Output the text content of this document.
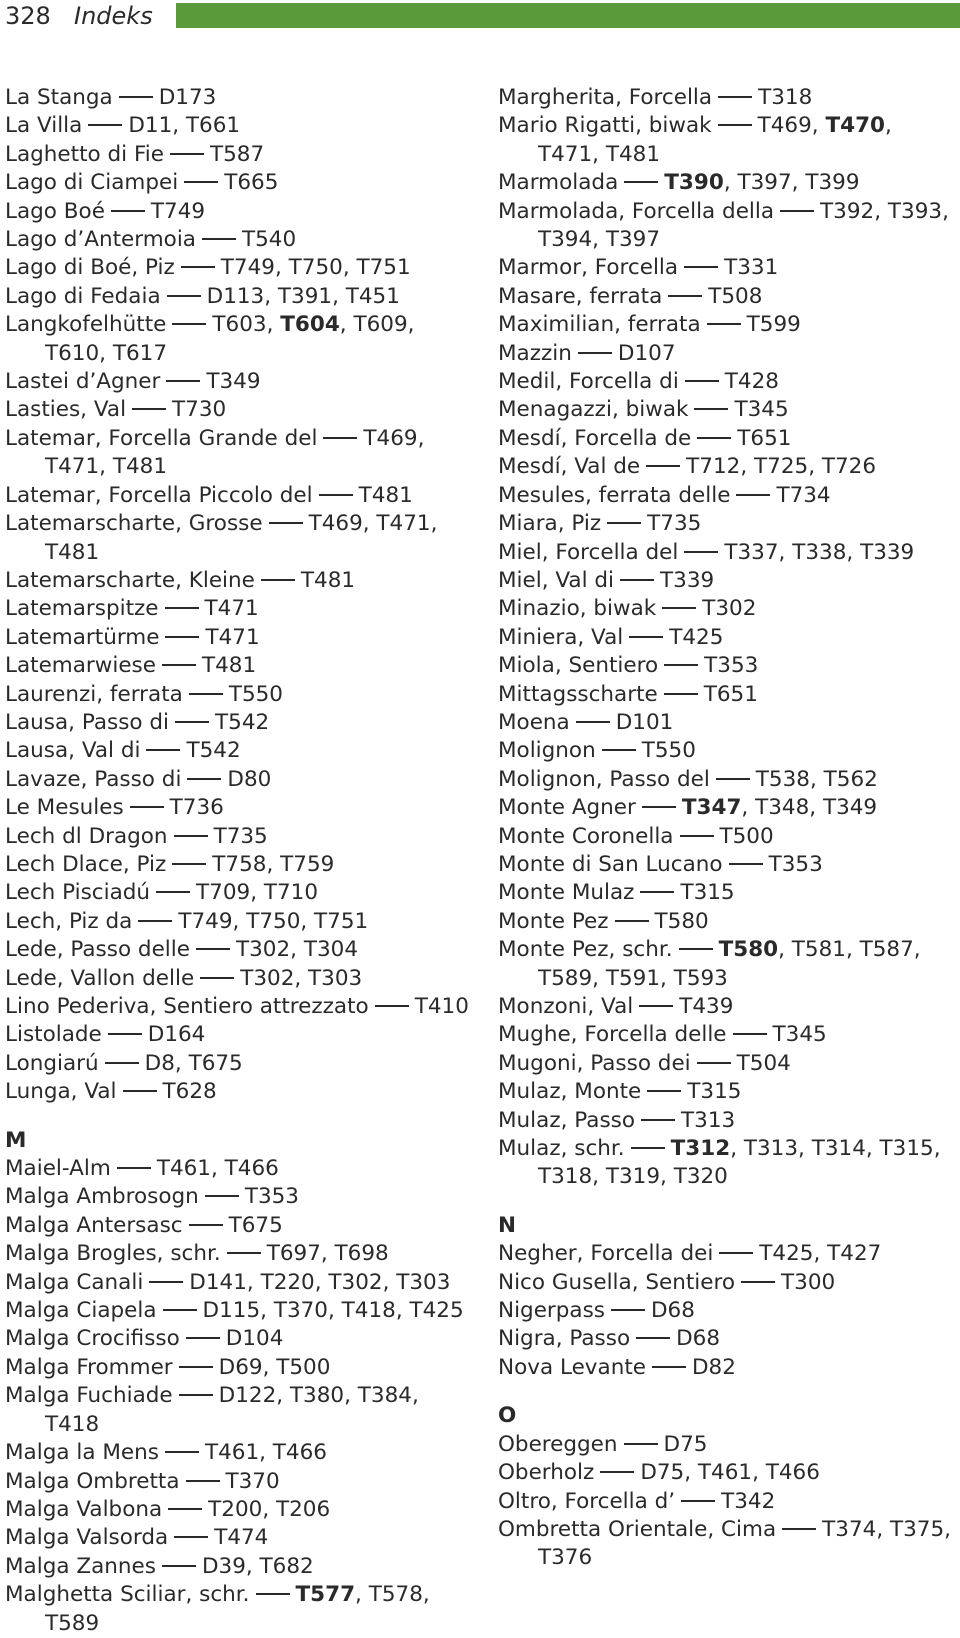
328 Indeks
La Stanga D173
La Villa D11, T661
Laghetto di Fie T587
Lago di Ciampei T665
Lago Boé T749
Lago d’Antermoia T540
Lago di Boé, Piz T749, T750, T751
Lago di Fedaia D113, T391, T451
Langkofelhütte T603, T604, T609, T610, T617
Lastei d’Agner T349
Lasties, Val T730
Latemar, Forcella Grande del T469, T471, T481
Latemar, Forcella Piccolo del T481
Latemarscharte, Grosse T469, T471, T481
Latemarscharte, Kleine T481
Latemarspitze T471
Latemartürme T471
Latemarwiese T481
Laurenzi, ferrata T550
Lausa, Passo di T542
Lausa, Val di T542
Lavaze, Passo di D80
Le Mesules T736
Lech dl Dragon T735
Lech Dlace, Piz T758, T759
Lech Pisciadú T709, T710
Lech, Piz da T749, T750, T751
Lede, Passo delle T302, T304
Lede, Vallon delle T302, T303
Lino Pederiva, Sentiero attrezzato T410
Listolade D164
Longiarú D8, T675
Lunga, Val T628
M
Maiel-Alm T461, T466
Malga Ambrosogn T353
Malga Antersasc T675
Malga Brogles, schr. T697, T698
Malga Canali D141, T220, T302, T303
Malga Ciapela D115, T370, T418, T425
Malga Crocifisso D104
Malga Frommer D69, T500
Malga Fuchiade D122, T380, T384, T418
Malga la Mens T461, T466
Malga Ombretta T370
Malga Valbona T200, T206
Malga Valsorda T474
Malga Zannes D39, T682
Malghetta Sciliar, schr. T577, T578, T589
Margherita, Forcella T318
Mario Rigatti, biwak T469, T470, T471, T481
Marmolada T390, T397, T399
Marmolada, Forcella della T392, T393, T394, T397
Marmor, Forcella T331
Masare, ferrata T508
Maximilian, ferrata T599
Mazzin D107
Medil, Forcella di T428
Menagazzi, biwak T345
Mesdí, Forcella de T651
Mesdí, Val de T712, T725, T726
Mesules, ferrata delle T734
Miara, Piz T735
Miel, Forcella del T337, T338, T339
Miel, Val di T339
Minazio, biwak T302
Miniera, Val T425
Miola, Sentiero T353
Mittagsscharte T651
Moena D101
Molignon T550
Molignon, Passo del T538, T562
Monte Agner T347, T348, T349
Monte Coronella T500
Monte di San Lucano T353
Monte Mulaz T315
Monte Pez T580
Monte Pez, schr. T580, T581, T587, T589, T591, T593
Monzoni, Val T439
Mughe, Forcella delle T345
Mugoni, Passo dei T504
Mulaz, Monte T315
Mulaz, Passo T313
Mulaz, schr. T312, T313, T314, T315, T318, T319, T320
N
Negher, Forcella dei T425, T427
Nico Gusella, Sentiero T300
Nigerpass D68
Nigra, Passo D68
Nova Levante D82
O
Obereggen D75
Oberholz D75, T461, T466
Oltro, Forcella d’ T342
Ombretta Orientale, Cima T374, T375, T376
